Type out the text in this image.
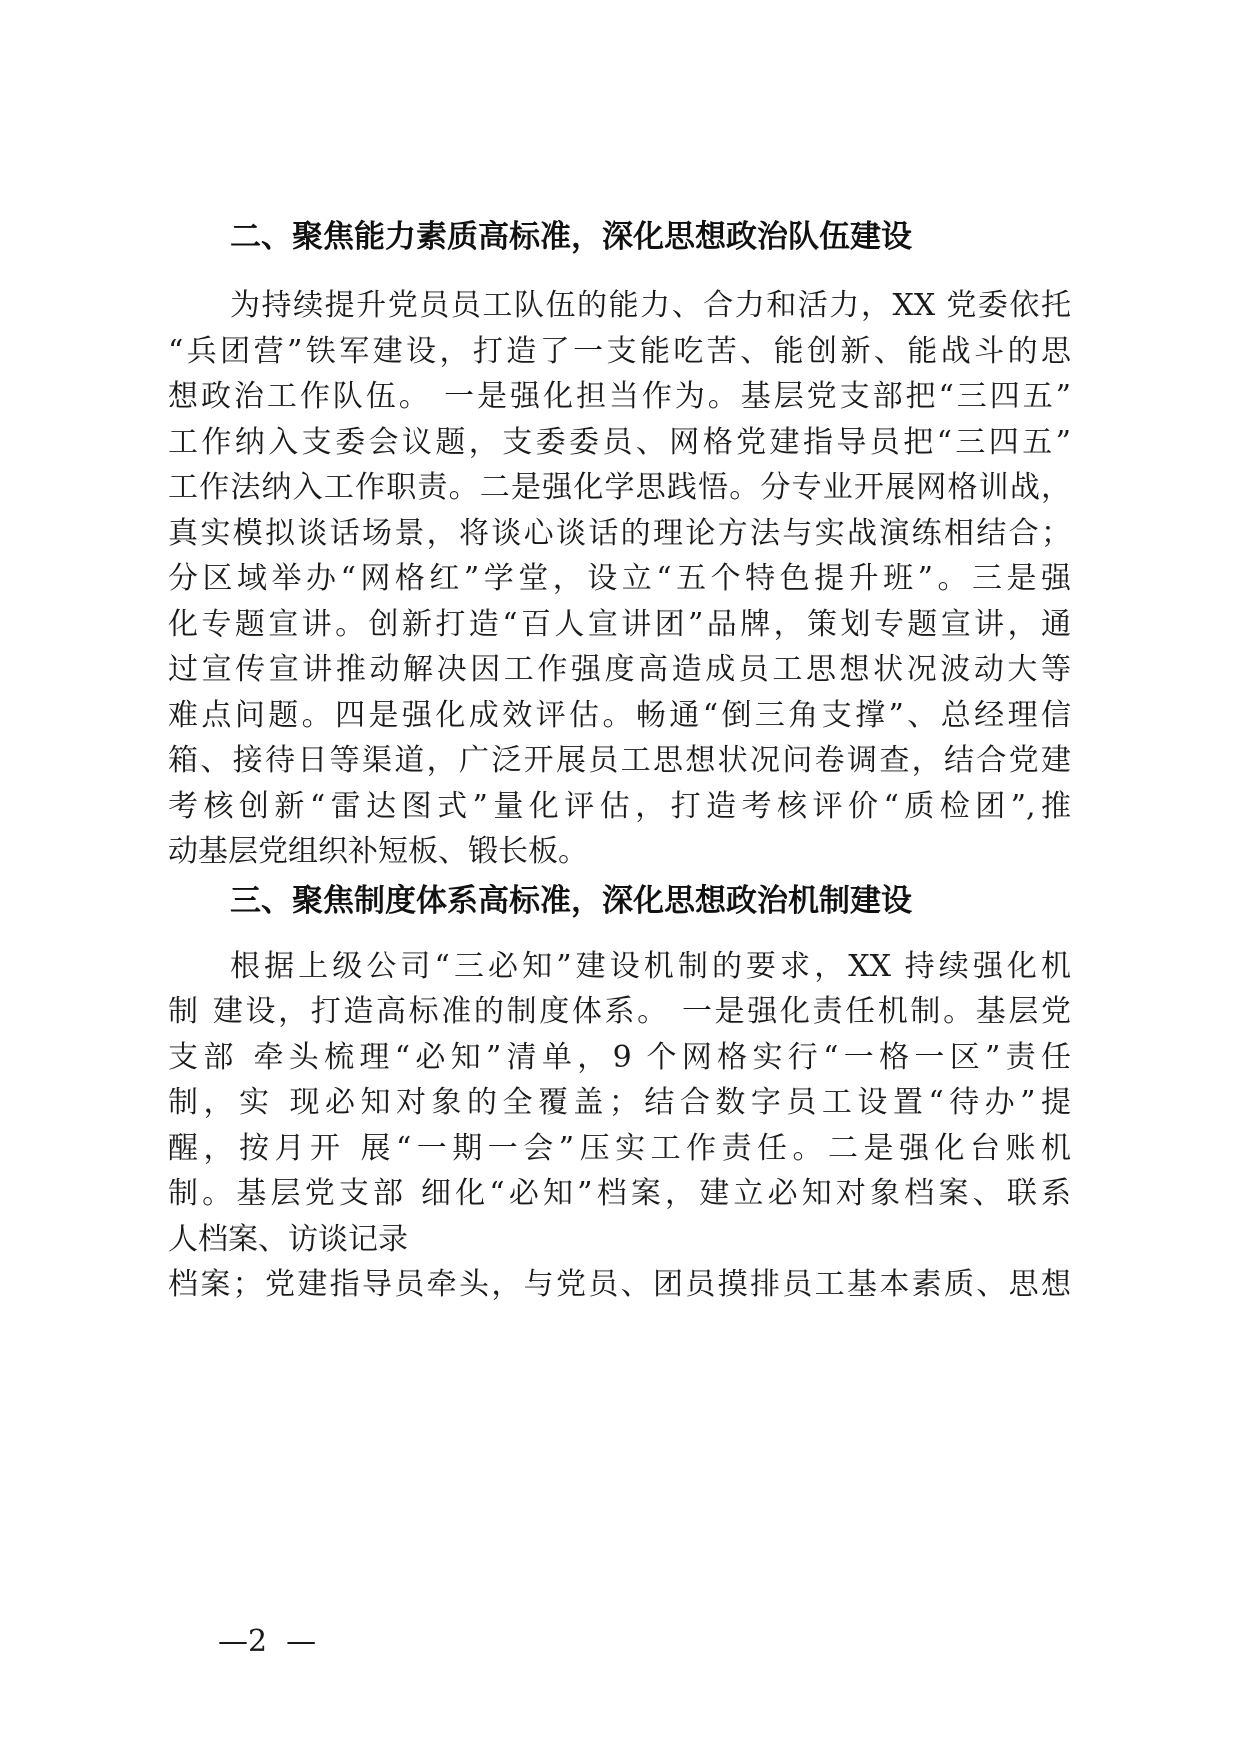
二、聚焦能力素质高标准，深化思想政治队伍建设
为持续提升党员员工队伍的能力、合力和活力，XX 党委依托
“兵团营”铁军建设，打造了一支能吃苦、能创新、能战斗的思
想政治工作队伍。 一是强化担当作为。基层党支部把“三四五”
工作纳入支委会议题，支委委员、网格党建指导员把“三四五”
工作法纳入工作职责。二是强化学思践悟。分专业开展网格训战，
真实模拟谈话场景，将谈心谈话的理论方法与实战演练相结合；
分区域举办“网格红”学堂，设立“五个特色提升班”。三是强
化专题宣讲。创新打造“百人宣讲团”品牌，策划专题宣讲，通
过宣传宣讲推动解决因工作强度高造成员工思想状况波动大等
难点问题。四是强化成效评估。畅通“倒三角支撑”、总经理信
箱、接待日等渠道，广泛开展员工思想状况问卷调查，结合党建
考核创新“雷达图式”量化评估，打造考核评价“质检团”,推
动基层党组织补短板、锻长板。
三、聚焦制度体系高标准，深化思想政治机制建设
根据上级公司“三必知”建设机制的要求，XX 持续强化机
制 建设，打造高标准的制度体系。 一是强化责任机制。基层党
支部 牵头梳理“必知”清单，9 个网格实行“一格一区”责任
制，实 现必知对象的全覆盖；结合数字员工设置“待办”提
醒，按月开 展“一期一会”压实工作责任。二是强化台账机
制。基层党支部 细化“必知”档案，建立必知对象档案、联系
人档案、访谈记录
档案；党建指导员牵头，与党员、团员摸排员工基本素质、思想
—2  —
